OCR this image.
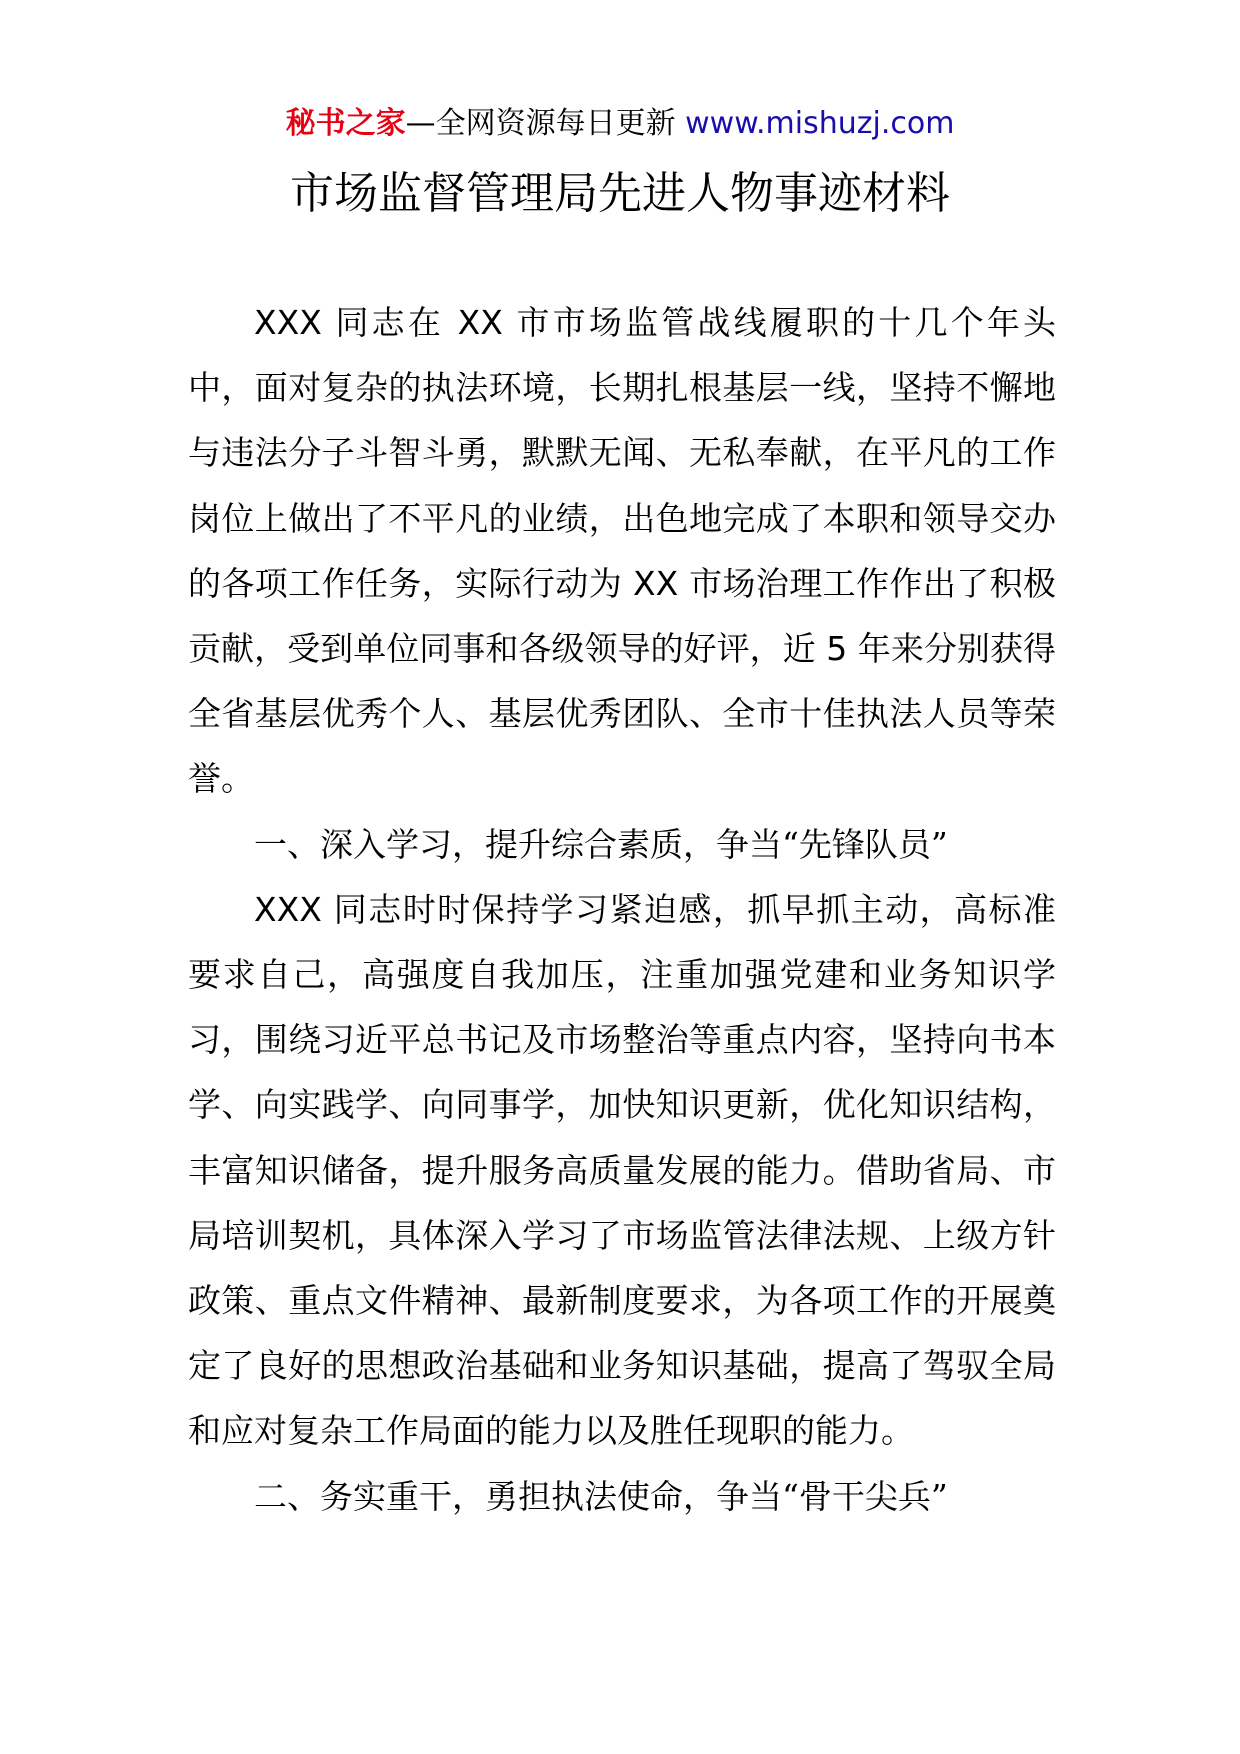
秘书之家—全网资源每日更新 www.mishuzj.com
市场监督管理局先进人物事迹材料

XXX 同志在 XX 市市场监管战线履职的十几个年头中，面对复杂的执法环境，长期扎根基层一线，坚持不懈地与违法分子斗智斗勇，默默无闻、无私奉献，在平凡的工作岗位上做出了不平凡的业绩，出色地完成了本职和领导交办的各项工作任务，实际行动为 XX 市场治理工作作出了积极贡献，受到单位同事和各级领导的好评，近 5 年来分别获得全省基层优秀个人、基层优秀团队、全市十佳执法人员等荣誉。

一、深入学习，提升综合素质，争当“先锋队员”

XXX 同志时时保持学习紧迫感，抓早抓主动，高标准要求自己，高强度自我加压，注重加强党建和业务知识学习，围绕习近平总书记及市场整治等重点内容，坚持向书本学、向实践学、向同事学，加快知识更新，优化知识结构，丰富知识储备，提升服务高质量发展的能力。借助省局、市局培训契机，具体深入学习了市场监管法律法规、上级方针政策、重点文件精神、最新制度要求，为各项工作的开展奠定了良好的思想政治基础和业务知识基础，提高了驾驭全局和应对复杂工作局面的能力以及胜任现职的能力。

二、务实重干，勇担执法使命，争当“骨干尖兵”
